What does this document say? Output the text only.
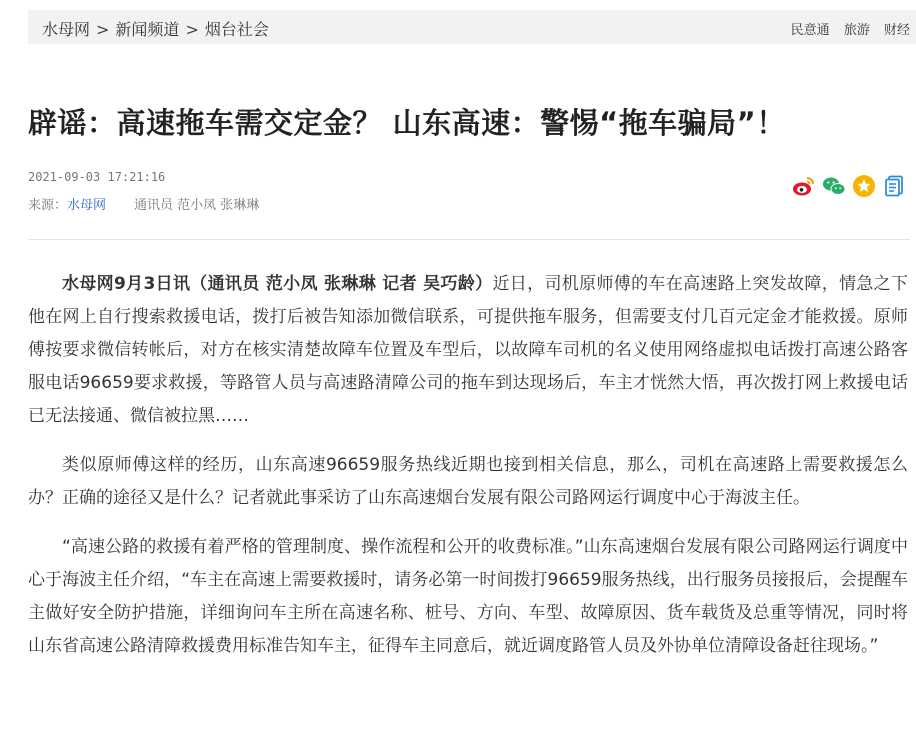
水母网 > 新闻频道 > 烟台社会	民意通 旅游 财经
辟谣：高速拖车需交定金？ 山东高速：警惕“拖车骗局”！
2021-09-03 17:21:16
来源：水母网 通讯员 范小凤 张琳琳

水母网9月3日讯（通讯员 范小凤 张琳琳 记者 吴巧龄）近日，司机原师傅的车在高速路上突发故障，情急之下他在网上自行搜索救援电话，拨打后被告知添加微信联系，可提供拖车服务，但需要支付几百元定金才能救援。原师傅按要求微信转帐后，对方在核实清楚故障车位置及车型后，以故障车司机的名义使用网络虚拟电话拨打高速公路客服电话96659要求救援，等路管人员与高速路清障公司的拖车到达现场后，车主才恍然大悟，再次拨打网上救援电话已无法接通、微信被拉黑……

类似原师傅这样的经历，山东高速96659服务热线近期也接到相关信息，那么，司机在高速路上需要救援怎么办？正确的途径又是什么？记者就此事采访了山东高速烟台发展有限公司路网运行调度中心于海波主任。

“高速公路的救援有着严格的管理制度、操作流程和公开的收费标准。”山东高速烟台发展有限公司路网运行调度中心于海波主任介绍，“车主在高速上需要救援时，请务必第一时间拨打96659服务热线，出行服务员接报后，会提醒车主做好安全防护措施，详细询问车主所在高速名称、桩号、方向、车型、故障原因、货车载货及总重等情况，同时将山东省高速公路清障救援费用标准告知车主，征得车主同意后，就近调度路管人员及外协单位清障设备赶往现场。”
